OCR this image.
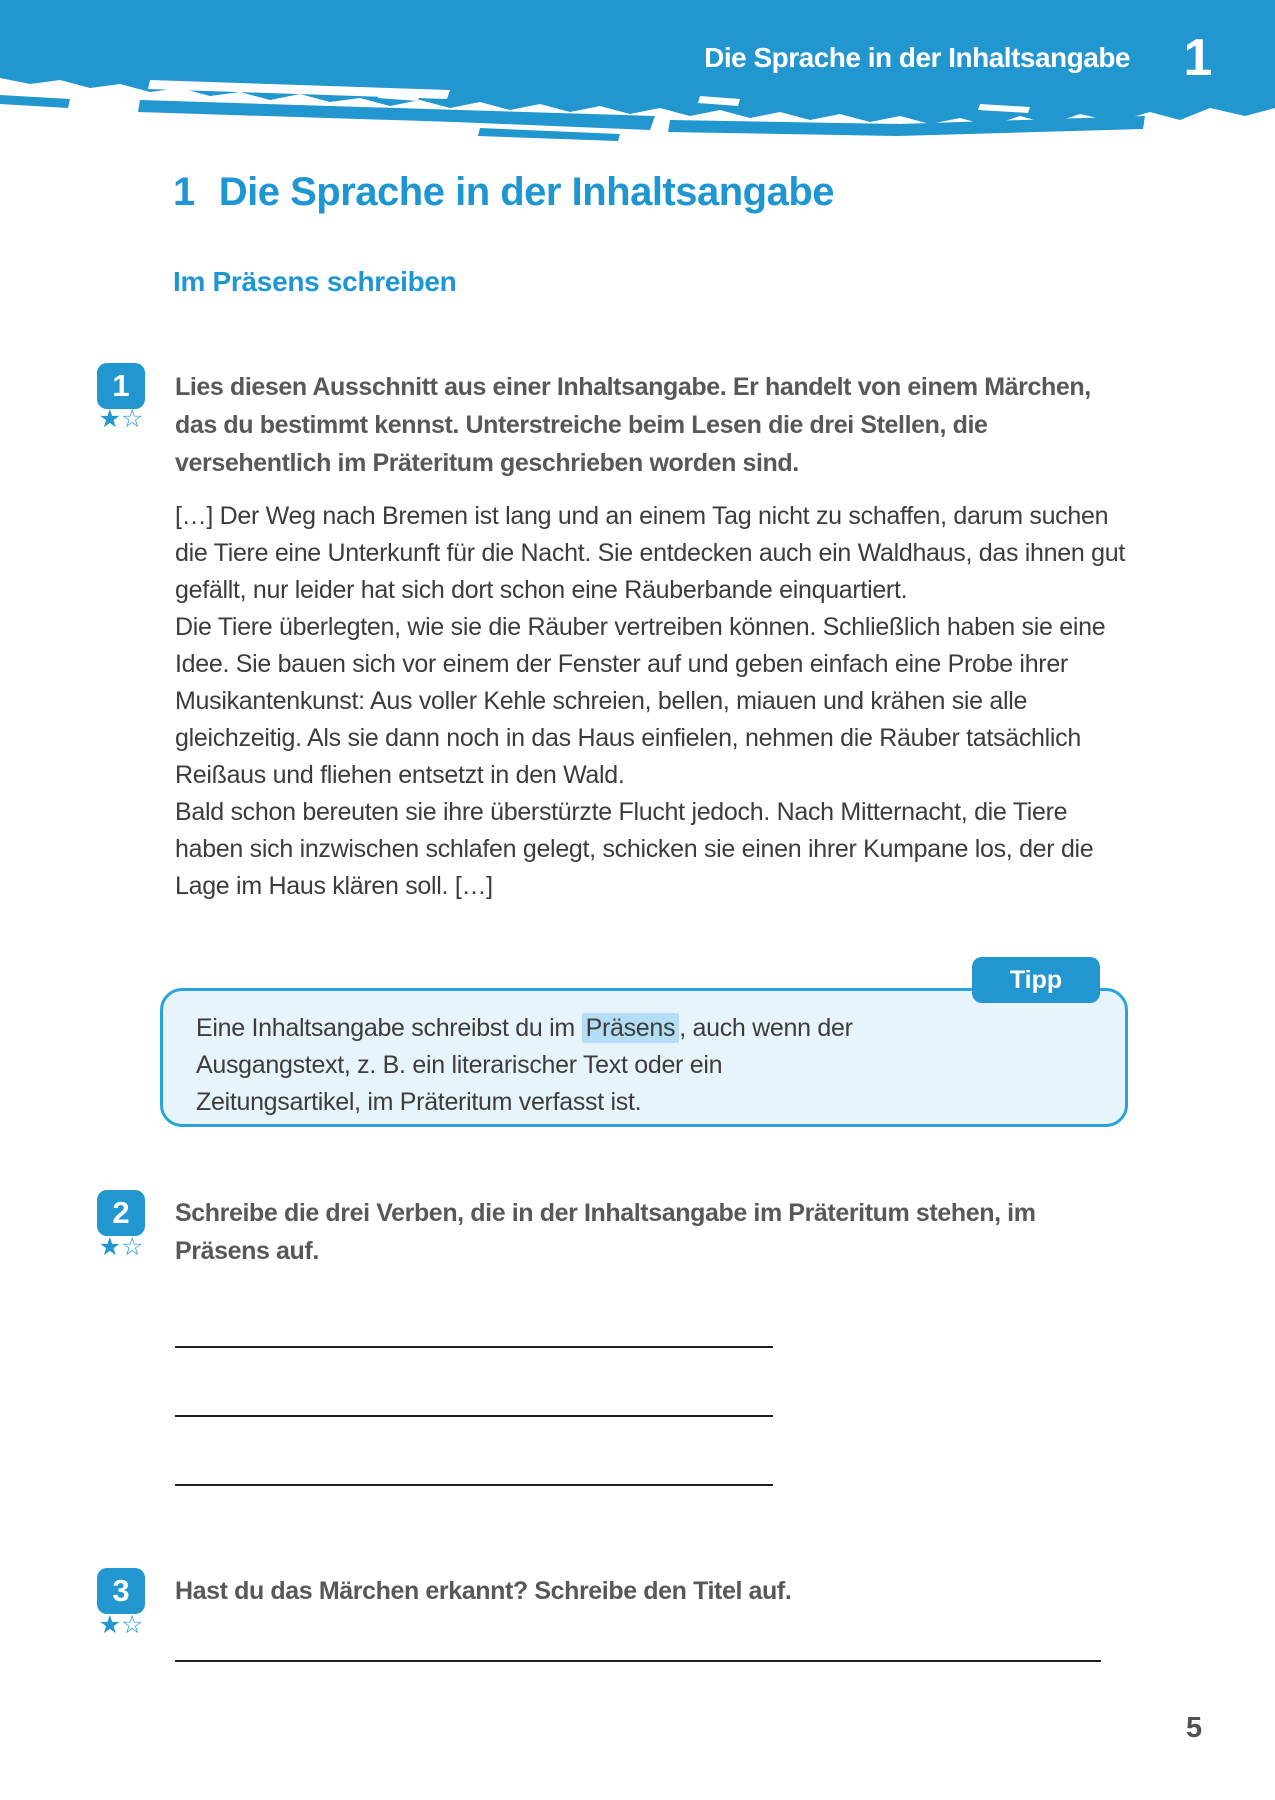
Die Sprache in der Inhaltsangabe 1
1 Die Sprache in der Inhaltsangabe
Im Präsens schreiben
1
★☆
Lies diesen Ausschnitt aus einer Inhaltsangabe. Er handelt von einem Märchen, das du bestimmt kennst. Unterstreiche beim Lesen die drei Stellen, die versehentlich im Präteritum geschrieben worden sind.

[…] Der Weg nach Bremen ist lang und an einem Tag nicht zu schaffen, darum suchen die Tiere eine Unterkunft für die Nacht. Sie entdecken auch ein Waldhaus, das ihnen gut gefällt, nur leider hat sich dort schon eine Räuberbande einquartiert.

Die Tiere überlegten, wie sie die Räuber vertreiben können. Schließlich haben sie eine Idee. Sie bauen sich vor einem der Fenster auf und geben einfach eine Probe ihrer Musikantenkunst: Aus voller Kehle schreien, bellen, miauen und krähen sie alle gleichzeitig. Als sie dann noch in das Haus einfielen, nehmen die Räuber tatsächlich Reißaus und fliehen entsetzt in den Wald.

Bald schon bereuten sie ihre überstürzte Flucht jedoch. Nach Mitternacht, die Tiere haben sich inzwischen schlafen gelegt, schicken sie einen ihrer Kumpane los, der die Lage im Haus klären soll. […]

Tipp
Eine Inhaltsangabe schreibst du im Präsens , auch wenn der Ausgangstext, z. B. ein literarischer Text oder ein Zeitungsartikel, im Präteritum verfasst ist.
2
★☆
Schreibe die drei Verben, die in der Inhaltsangabe im Präteritum stehen, im Präsens auf.
3
★☆
Hast du das Märchen erkannt? Schreibe den Titel auf.
5
